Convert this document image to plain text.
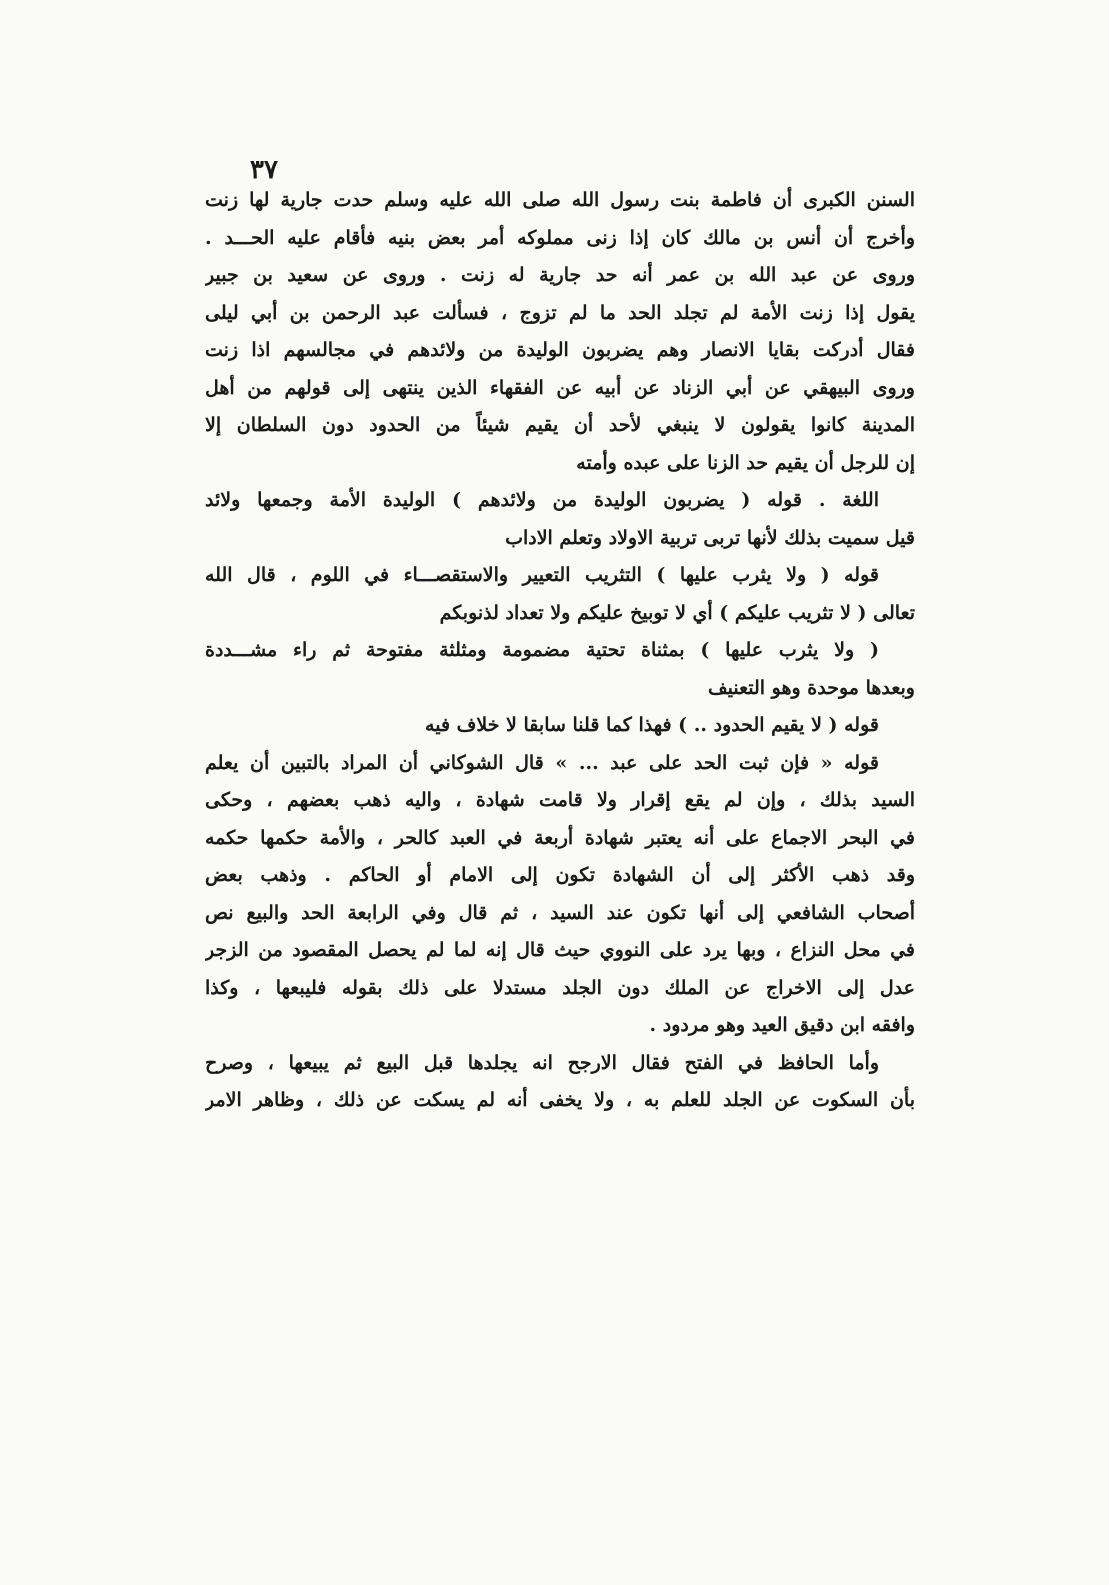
٣٧
السنن الكبرى أن فاطمة بنت رسول الله صلى الله عليه وسلم حدت جارية لها زنت
وأخرج أن أنس بن مالك كان إذا زنى مملوكه أمر بعض بنيه فأقام عليه الحـــد .
وروى عن عبد الله بن عمر أنه حد جارية له زنت . وروى عن سعيد بن جبير
يقول إذا زنت الأمة لم تجلد الحد ما لم تزوج ، فسألت عبد الرحمن بن أبي ليلى
فقال أدركت بقايا الانصار وهم يضربون الوليدة من ولائدهم في مجالسهم اذا زنت
وروى البيهقي عن أبي الزناد عن أبيه عن الفقهاء الذين ينتهى إلى قولهم من أهل
المدينة كانوا يقولون لا ينبغي لأحد أن يقيم شيئاً من الحدود دون السلطان إلا
إن للرجل أن يقيم حد الزنا على عبده وأمته
اللغة . قوله ( يضربون الوليدة من ولائدهم ) الوليدة الأمة وجمعها ولائد
قيل سميت بذلك لأنها تربى تربية الاولاد وتعلم الاداب
قوله ( ولا يثرب عليها ) التثريب التعيير والاستقصـــاء في اللوم ، قال الله
تعالى ( لا تثريب عليكم ) أي لا توبيخ عليكم ولا تعداد لذنوبكم
( ولا يثرب عليها ) بمثناة تحتية مضمومة ومثلثة مفتوحة ثم راء مشـــددة
وبعدها موحدة وهو التعنيف
قوله ( لا يقيم الحدود .. ) فهذا كما قلنا سابقا لا خلاف فيه
قوله « فإن ثبت الحد على عبد ... » قال الشوكاني أن المراد بالتبين أن يعلم
السيد بذلك ، وإن لم يقع إقرار ولا قامت شهادة ، واليه ذهب بعضهم ، وحكى
في البحر الاجماع على أنه يعتبر شهادة أربعة في العبد كالحر ، والأمة حكمها حكمه
وقد ذهب الأكثر إلى أن الشهادة تكون إلى الامام أو الحاكم . وذهب بعض
أصحاب الشافعي إلى أنها تكون عند السيد ، ثم قال وفي الرابعة الحد والبيع نص
في محل النزاع ، وبها يرد على النووي حيث قال إنه لما لم يحصل المقصود من الزجر
عدل إلى الاخراج عن الملك دون الجلد مستدلا على ذلك بقوله فليبعها ، وكذا
وافقه ابن دقيق العيد وهو مردود .
وأما الحافظ في الفتح فقال الارجح انه يجلدها قبل البيع ثم يبيعها ، وصرح
بأن السكوت عن الجلد للعلم به ، ولا يخفى أنه لم يسكت عن ذلك ، وظاهر الامر
